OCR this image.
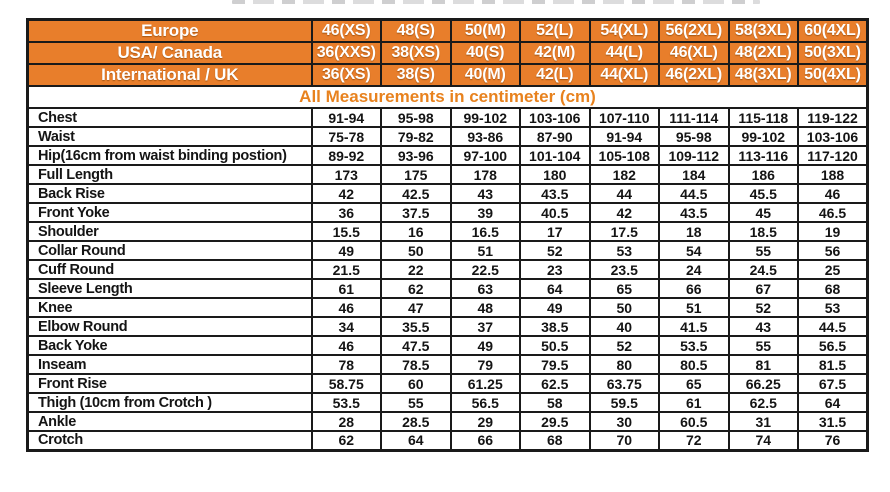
Europe	46(XS)	48(S)	50(M)	52(L)	54(XL)	56(2XL)	58(3XL)	60(4XL)
USA/ Canada	36(XXS)	38(XS)	40(S)	42(M)	44(L)	46(XL)	48(2XL)	50(3XL)
International / UK	36(XS)	38(S)	40(M)	42(L)	44(XL)	46(2XL)	48(3XL)	50(4XL)
All Measurements in centimeter (cm)								
Chest	91-94	95-98	99-102	103-106	107-110	111-114	115-118	119-122
Waist	75-78	79-82	93-86	87-90	91-94	95-98	99-102	103-106
Hip(16cm from waist binding postion)	89-92	93-96	97-100	101-104	105-108	109-112	113-116	117-120
Full Length	173	175	178	180	182	184	186	188
Back Rise	42	42.5	43	43.5	44	44.5	45.5	46
Front Yoke	36	37.5	39	40.5	42	43.5	45	46.5
Shoulder	15.5	16	16.5	17	17.5	18	18.5	19
Collar Round	49	50	51	52	53	54	55	56
Cuff Round	21.5	22	22.5	23	23.5	24	24.5	25
Sleeve Length	61	62	63	64	65	66	67	68
Knee	46	47	48	49	50	51	52	53
Elbow Round	34	35.5	37	38.5	40	41.5	43	44.5
Back Yoke	46	47.5	49	50.5	52	53.5	55	56.5
Inseam	78	78.5	79	79.5	80	80.5	81	81.5
Front Rise	58.75	60	61.25	62.5	63.75	65	66.25	67.5
Thigh (10cm from Crotch )	53.5	55	56.5	58	59.5	61	62.5	64
Ankle	28	28.5	29	29.5	30	60.5	31	31.5
Crotch	62	64	66	68	70	72	74	76
